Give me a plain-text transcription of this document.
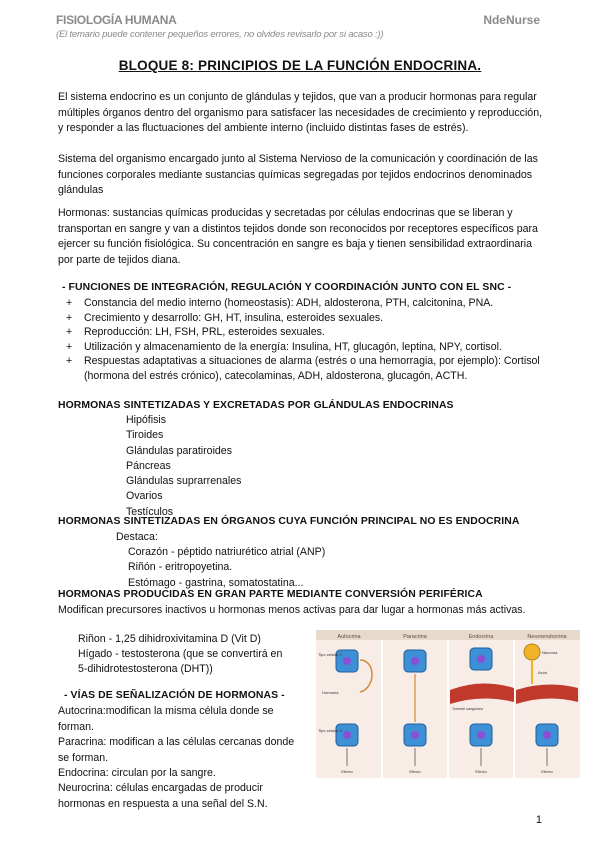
FISIOLOGÍA HUMANA	NdeNurse
(El temario puede contener pequeños errores, no olvides revisarlo por si acaso :))
BLOQUE 8: PRINCIPIOS DE LA FUNCIÓN ENDOCRINA.
El sistema endocrino es un conjunto de glándulas y tejidos, que van a producir hormonas para regular múltiples órganos dentro del organismo para satisfacer las necesidades de crecimiento y reproducción, y responder a las fluctuaciones del ambiente interno (incluido distintas fases de estrés).
Sistema del organismo encargado junto al Sistema Nervioso de la comunicación y coordinación de las funciones corporales mediante sustancias químicas segregadas por tejidos endocrinos denominados glándulas
Hormonas: sustancias químicas producidas y secretadas por células endocrinas que se liberan y transportan en sangre y van a distintos tejidos donde son reconocidos por receptores específicos para ejercer su función fisiológica. Su concentración en sangre es baja y tienen sensibilidad extraordinaria por parte de tejidos diana.
- FUNCIONES DE INTEGRACIÓN, REGULACIÓN Y COORDINACIÓN JUNTO CON EL SNC -
+ Constancia del medio interno (homeostasis): ADH, aldosterona, PTH, calcitonina, PNA.
+ Crecimiento y desarrollo: GH, HT, insulina, esteroides sexuales.
+ Reproducción: LH, FSH, PRL, esteroides sexuales.
+ Utilización y almacenamiento de la energía: Insulina, HT, glucagón, leptina, NPY, cortisol.
+ Respuestas adaptativas a situaciones de alarma (estrés o una hemorragia, por ejemplo): Cortisol (hormona del estrés crónico), catecolaminas, ADH, aldosterona, glucagón, ACTH.
HORMONAS SINTETIZADAS Y EXCRETADAS POR GLÁNDULAS ENDOCRINAS
Hipófisis
Tiroides
Glándulas paratiroides
Páncreas
Glándulas suprarrenales
Ovarios
Testículos
HORMONAS SINTETIZADAS EN ÓRGANOS CUYA FUNCIÓN PRINCIPAL NO ES ENDOCRINA
Destaca:
Corazón - péptido natriurético atrial (ANP)
Riñón - eritropoyetina.
Estómago - gastrina, somatostatina...
HORMONAS PRODUCIDAS EN GRAN PARTE MEDIANTE CONVERSIÓN PERIFÉRICA
Modifican precursores inactivos u hormonas menos activas para dar lugar a hormonas más activas.
Riñon - 1,25 dihidroxivitamina D (Vit D)
Hígado - testosterona (que se convertirá en
5-dihidrotestosterona (DHT))
- VÍAS DE SEÑALIZACIÓN DE HORMONAS -
Autocrina:modifican la misma célula donde se forman.
Paracrina: modifican a las células cercanas donde se forman.
Endocrina: circulan por la sangre.
Neurocrina: células encargadas de producir hormonas en respuesta a una señal del S.N.
Autocrina	Paracrina	Endocrina	Neuroendocrina
Tipo celular 1
Hormona
Tipo celular 2
Efecto	Efecto
Torrente sanguíneo
Efecto
Neurona
Axón
Efecto
1
